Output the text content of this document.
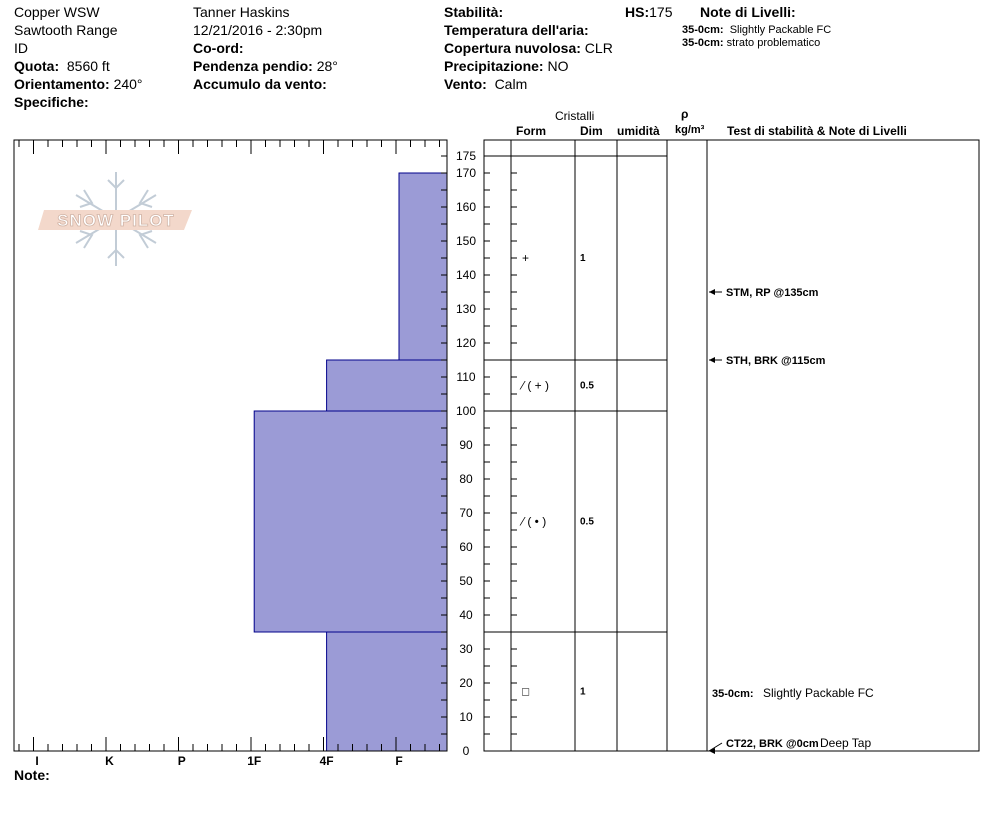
Copper WSW
Sawtooth Range
ID
Quota: 8560 ft
Orientamento: 240°
Specifiche:
Tanner Haskins
12/21/2016 - 2:30pm
Co-ord:
Pendenza pendio: 28°
Accumulo da vento:
Stabilità:
Temperatura dell'aria:
Copertura nuvolosa: CLR
Precipitazione: NO
Vento: Calm
HS:175 Note di Livelli:
35-0cm: Slightly Packable FC
35-0cm: strato problematico
Cristalli
Form	Dim umidità
ρ
kg/m³ Test di stabilità & Note di Livelli
Note:
SNOW PILOT
I	K	P	1F	4F	F
0
10
20
30
40
50
60
70
80
90
100
110
120
130
140
150
160
170
175
+	1
⁄ ( + )	0.5
⁄ ( • )	0.5
□	1
STM, RP @135cm
STH, BRK @115cm
CT22, BRK @0cm Deep Tap
35-0cm: Slightly Packable FC
